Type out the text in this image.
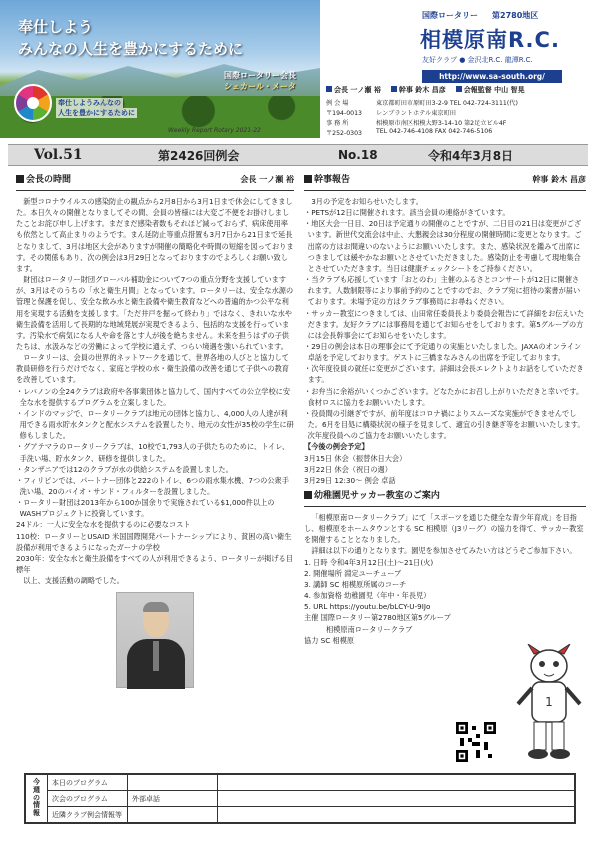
奉仕しよう
みんなの人生を豊かにするために
国際ロータリー会長
シェカール・メータ
奉仕しようみんなの
人生を豊かにするために
Weekly Report Rotary 2021-22
国際ロータリー 第2780地区
相模原南R.C.
友好クラブ ● 金沢北R.C. 龍潭R.C.
http://www.sa-south.org/
会長 一ノ瀬 裕	幹事 鈴木 昌彦	会報監督 中山 智晃
例 会 場	東京都町田市原町田3-2-9 TEL 042-724-3111(代)
〒194-0013	レンブラントホテル東京町田
事 務 所	相模原市南区相模大野3-14-10 第2足立ビル4F
〒252-0303	TEL 042-746-4108 FAX 042-746-5106
Vol.51	第2426回例会	No.18	令和4年3月8日
会長の時間	会長 一ノ瀬 裕

新型コロナウイルスの感染防止の観点から2月8日から3月1日まで休会にしてきました。本日久々の開催となりましてその間、会員の皆様には大変ご不便をお掛けしましたことお詫び申し上げます。まだまだ感染者数もそれほど減っておらず、病床使用率も依然として高止まりのようです。まん延防止等重点措置も3月7日から21日まで延長となりまして、3月は地区大会がありますが開催の簡略化や時間の短縮を図っております。その関係もあり、次の例会は3月29日となっておりますのでよろしくお願い致します。

財団はロータリー財団グローバル補助金について7つの重点分野を支援していますが、3月はそのうちの「水と衛生月間」となっています。ロータリーは、安全な水源の管理と保護を促し、安全な飲み水と衛生設備や衛生教育などへの普遍的かつ公平な利用を実現する活動を支援します。「ただ井戸を掘って終わり」ではなく、きれいな水や衛生設備を活用して長期的な地域発展が実現できるよう、包括的な支援を行っています。汚染水で病気になる人や命を落とす人が後を絶ちません。未来を担うはずの子供たちは、水汲みなどの労働によって学校に通えず、つらい境遇を強いられています。

ロータリーは、会員の世界的ネットワークを通じて、世界各地の人びとと協力して教員研修を行うだけでなく、家庭と学校の水・衛生設備の改善を通じて子供への教育を改善しています。

・レバノンの全24クラブは政府や各事業団体と協力して、国内すべての公立学校に安全な水を提供するプログラムを立案しました。

・インドのマッジで、ロータリークラブは地元の団体と協力し、4,000人の人達が利用できる雨水貯水タンクと配水システムを設置したり、地元の女性が35校の学生に研修もしました。

・グアテマラのロータリークラブは、10校で1,793人の子供たちのために、トイレ、手洗い場、貯水タンク、研修を提供しました。

・タンザニアでは12のクラブが水の供給システムを設置しました。

・フィリピンでは、パートナー団体と222のトイレ、6つの雨水集水機、7つの公衆手洗い場、20のバイオ・サンド・フィルターを設置しました。

・ロータリー財団は2013年から100か国余りで実施されている$1,000件以上のWASHプロジェクトに投資しています。

24ドル：一人に安全な水を提供するのに必要なコスト

110校：ロータリーとUSAID 米国国際開発パートナーシップにより、貧困の高い衛生設備が利用できるようになったガーナの学校

2030年：安全な水と衛生設備をすべての人が利用できるよう、ロータリーが掲げる目標年

以上、支援活動の調略でした。

幹事報告	幹事 鈴木 昌彦

3月の予定をお知らせいたします。

・PETSが12日に開催されます。該当会員の連絡がきています。

・地区大会一日目、20日は予定通りの開催のことですが、二日目の21日は変更がございます。新世代交流会は中止、大懇親会は30分程度の開催時間に変更となります。ご出席の方はお間違いのないようにお願いいたします。また、感染状況を鑑みて出席につきましては緩やかなお願いとさせていただきました。感染防止を考慮して現地集合とさせていただきます。当日は健康チェックシートをご持参ください。

・当クラブも応援しています「おとのわ」主催のふるさとコンサートが12日に開催されます。人数制限等により事前予約のことですのでお、クラブ宛に招待の案書が届いております。未場予定の方はクラブ事務局にお尋ねください。

・サッカー教室につきましては、山田常任委員長より委員会報告にて詳細をお伝えいただきます。友好クラブには事務局を通じてお知らせをしております。第5グループの方には会長幹事会にてお知らせをいたします。

・29日の例会は本日の理事会にて予定通りの実施といたしました。JAXAのオンライン卓話を予定しております。ゲストに三橋まなみさんの出席を予定しております。

・次年度役員の就任に変更がございます。詳細は会長エレクトよりお話をしていただきます。

・お弁当に余裕がいくつかございます。どなたかにお召し上がりいただきと幸いです。食材ロスに協力をお願いいたします。

・役員間の引継ぎですが、前年度はコロナ禍によりスムーズな実施ができませんでした。6月を目処に構築状況の様子を見まして、適宜の引き継ぎ等をお願いいたします。次年度役員へのご協力をお願いいたします。

【今後の例会予定】

3月15日 休会（振替休日大会）

3月22日 休会（祝日の週）

3月29日 12:30～ 例会 卓話

幼稚園児サッカー教室のご案内

「相模原南ロータリークラブ」にて「スポーツを通じた健全な青少年育成」を目指し、相模原をホームタウンとする SC 相模原（J3リーグ）の協力を得て、サッカー教室を開催することとなりました。

詳細は以下の通りとなります。園児を参加させてみたい方はどうぞご参加下さい。

1. 日時 令和4年3月12日(土)～21日(火)

2. 開催場所 淵定ユーチューブ

3. 講師 SC 相模原所属のコーチ

4. 参加資格 幼稚園児（年中・年長児）

5. URL https://youtu.be/bLCY-U-9IJo

主催 国際ロータリー第2780地区第5グループ

相模原南ロータリークラブ

協力 SC 相模原

1
今週の情報	本日のプログラム		
	次会のプログラム	外部卓話	
	近隣クラブ例会情報等		
